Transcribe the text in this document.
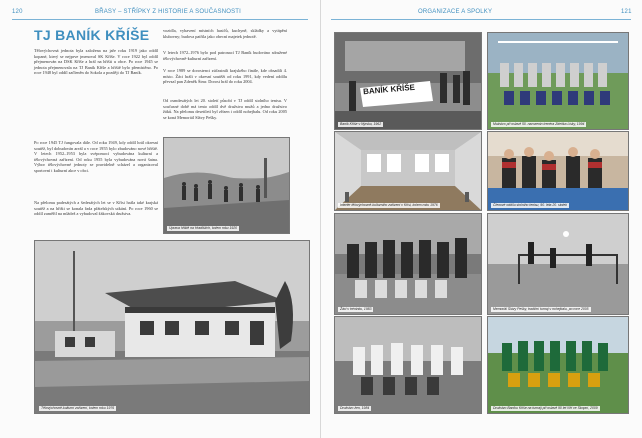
120	BŘASY – STŘÍPKY Z HISTORIE A SOUČASNOSTI
TJ BANÍK KŘÍŠE
Tělovýchovná jednota byla založena na jaře roku 1919 jako oddíl kopané, který se nejprve jmenoval SK Kříše. V roce 1922 byl oddíl přejmenován na DSK Kříše a hrál na hřišti u obce. Po roce 1945 se jednota přejmenovala na TJ Baník Kříše a hřiště bylo přemístěno. Po roce 1948 byl oddíl začleněn do Sokola a později do TJ Baník.
Po roce 1945 TJ fungovala dále. Od roku 1949, kdy oddíl hrál okresní soutěž, byl dobudován areál a v roce 1955 bylo zbudováno nové hřiště. V letech 1952–1953 byla svépomocí vybudována kulturní a tělovýchovná zařízení. Od roku 1955 byla vybudována nová šatna. Výbor tělovýchovné jednoty se pravidelně scházel a organizoval sportovní i kulturní akce v obci.
Na přelomu padesátých a šedesátých let se v Křísi hrála také krajská soutěž a na hřišti se konala řada přátelských utkání. Po roce 1960 se oddíl zaměřil na mládež a vybudoval žákovská družstva.
vozidla, vybavení místních hasičů, kuchyně, skládky a vytápění klubovny; budova patřila jako obecní majetek jednotě.
V letech 1972–1976 bylo pod patronací TJ Baník budováno sdružené tělovýchovně-kulturní zařízení.
V roce 1989 se dorostenci zúčastnili krajského finále, kde obsadili 4. místo. Žáci hráli v okresní soutěži od roku 1991, kdy vedení oddílu převzal pan Zdeněk Šimr. Dorost hrál do roku 2004.
Od osmdesátých let 20. století působí v TJ oddíl stolního tenisu. V současné době má tento oddíl dvě družstva mužů a jedno družstvo žáků. Na přelomu desetiletí byl zřízen i oddíl nohejbalu. Od roku 2005 se koná Memoriál Slávy Pešky.
Úprava hřiště na Hradištích, kolem roku 1920
Tělovýchovně-kulturní zařízení, kolem roku 1976
ORGANIZACE A SPOLKY	121
BANÍK KŘÍŠE
Baník Kříše v Nýrsku, 1962	Mužstvo při oslavě 50. narozenin trenéra Zdeňka Lisky, 1994
Interiér tělovýchovně-kulturního zařízení v Křísi, kolem roku 1976	Členové oddílu stolního tenisu, 90. léta 20. století
Žáci v tréninku, 1983	Memoriál Slávy Pešky, tradiční turnaj v nohejbalu, po roce 2005
Družstvo žen, 1984	Družstvo Baníku Kříše na turnaji při oslavě 90 let NH ve Skopní, 2009
